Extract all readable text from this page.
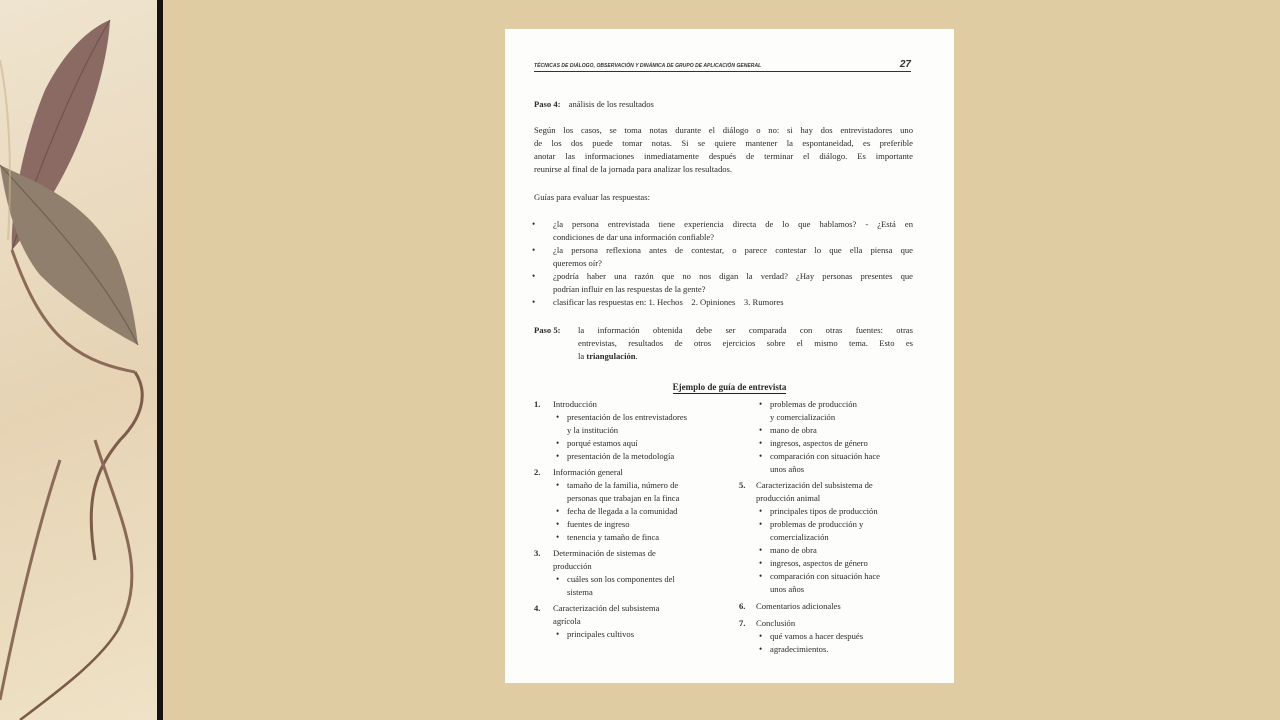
TÉCNICAS DE DIÁLOGO, OBSERVACIÓN Y DINÁMICA DE GRUPO DE APLICACIÓN GENERAL	27
Paso 4: análisis de los resultados
Según los casos, se toma notas durante el diálogo o no: si hay dos entrevistadores uno
de los dos puede tomar notas. Si se quiere mantener la espontaneidad, es preferible
anotar las informaciones inmediatamente después de terminar el diálogo. Es importante
reunirse al final de la jornada para analizar los resultados.
Guías para evaluar las respuestas:
• ¿la persona entrevistada tiene experiencia directa de lo que hablamos? - ¿Está en
condiciones de dar una información confiable?
• ¿la persona reflexiona antes de contestar, o parece contestar lo que ella piensa que
queremos oír?
• ¿podría haber una razón que no nos digan la verdad? ¿Hay personas presentes que
podrían influir en las respuestas de la gente?
• clasificar las respuestas en: 1. Hechos    2. Opiniones    3. Rumores
Paso 5: la información obtenida debe ser comparada con otras fuentes: otras
entrevistas, resultados de otros ejercicios sobre el mismo tema. Esto es
la triangulación.
Ejemplo de guía de entrevista
1. Introducción
• presentación de los entrevistadores
y la institución
• porqué estamos aquí
• presentación de la metodología
2. Información general
• tamaño de la familia, número de
personas que trabajan en la finca
• fecha de llegada a la comunidad
• fuentes de ingreso
• tenencia y tamaño de finca
3. Determinación de sistemas de
producción
• cuáles son los componentes del
sistema
4. Caracterización del subsistema
agrícola
• principales cultivos
• problemas de producción
y comercialización
• mano de obra
• ingresos, aspectos de género
• comparación con situación hace
unos años
5. Caracterización del subsistema de
producción animal
• principales tipos de producción
• problemas de producción y
comercialización
• mano de obra
• ingresos, aspectos de género
• comparación con situación hace
unos años
6. Comentarios adicionales
7. Conclusión
• qué vamos a hacer después
• agradecimientos.
